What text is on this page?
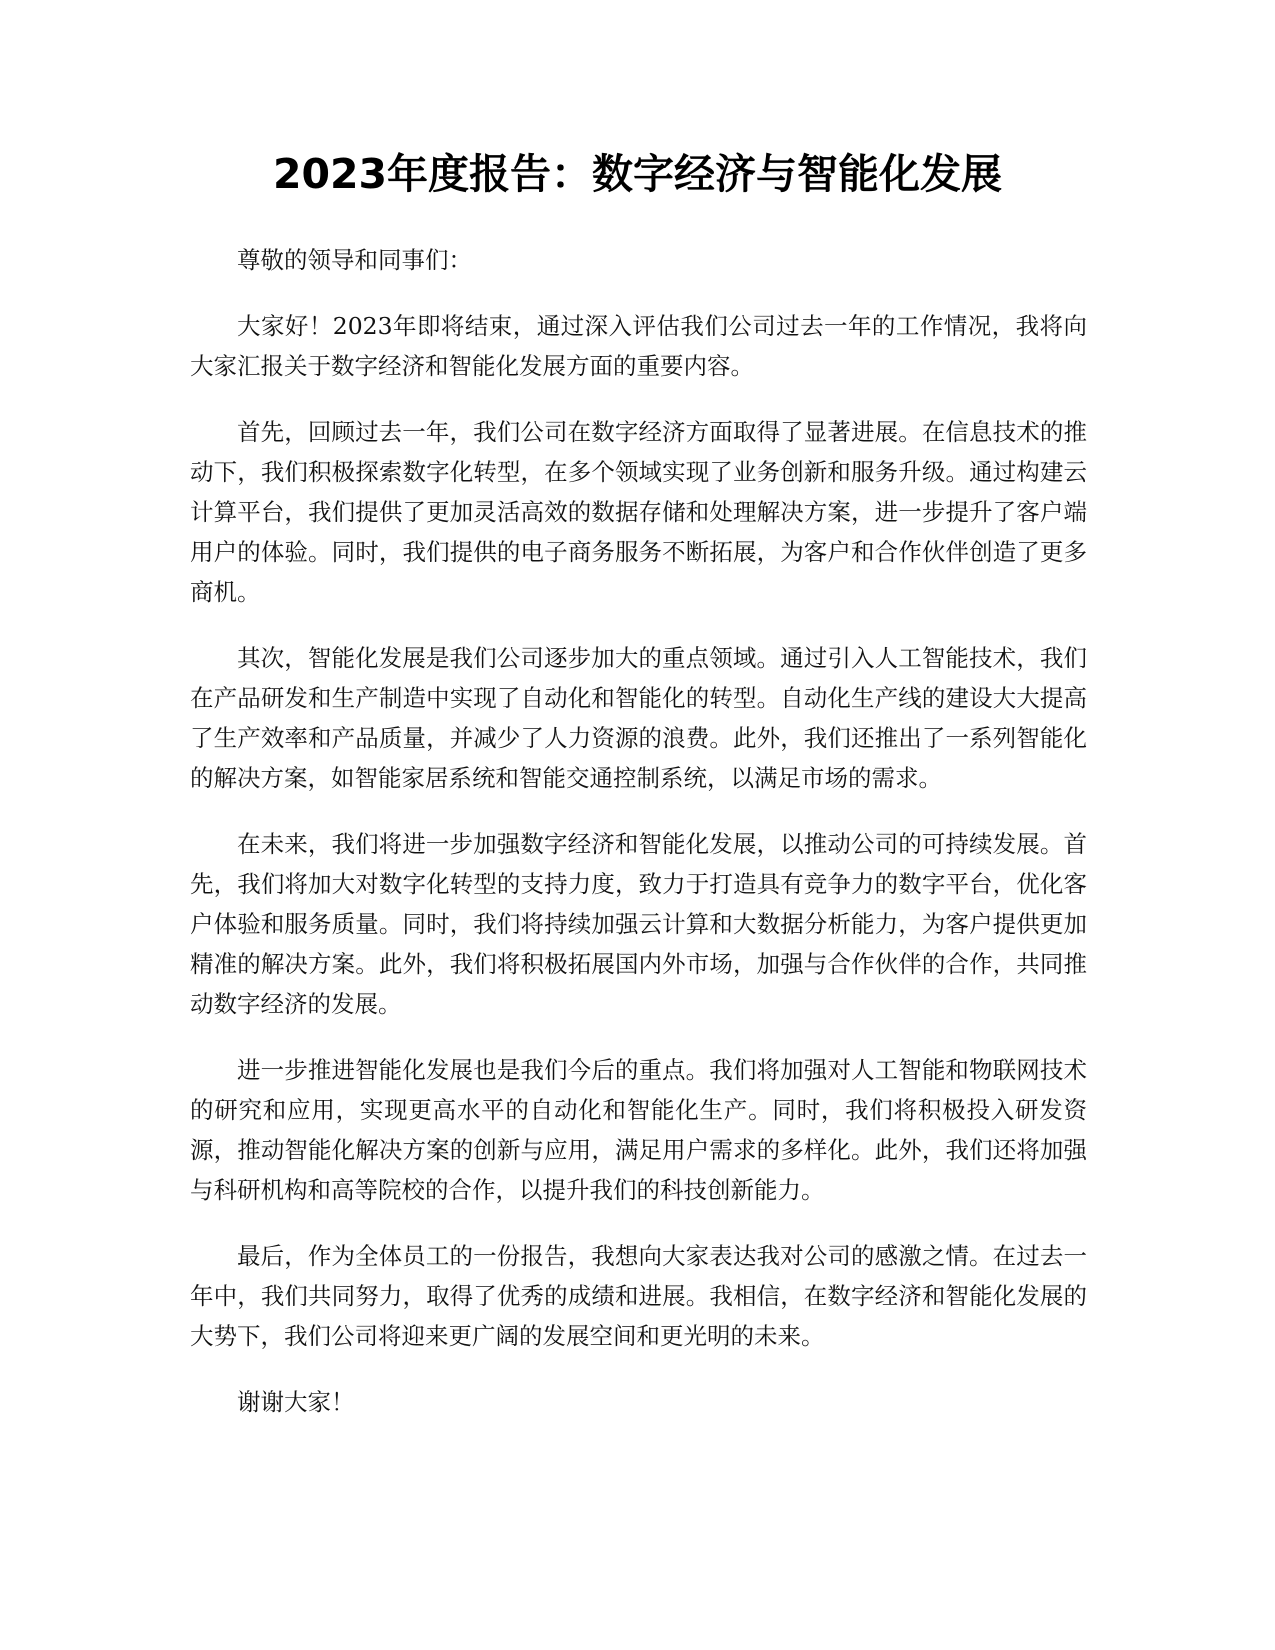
2023年度报告：数字经济与智能化发展

尊敬的领导和同事们：

大家好！2023年即将结束，通过深入评估我们公司过去一年的工作情况，我将向大家汇报关于数字经济和智能化发展方面的重要内容。

首先，回顾过去一年，我们公司在数字经济方面取得了显著进展。在信息技术的推动下，我们积极探索数字化转型，在多个领域实现了业务创新和服务升级。通过构建云计算平台，我们提供了更加灵活高效的数据存储和处理解决方案，进一步提升了客户端用户的体验。同时，我们提供的电子商务服务不断拓展，为客户和合作伙伴创造了更多商机。

其次，智能化发展是我们公司逐步加大的重点领域。通过引入人工智能技术，我们在产品研发和生产制造中实现了自动化和智能化的转型。自动化生产线的建设大大提高了生产效率和产品质量，并减少了人力资源的浪费。此外，我们还推出了一系列智能化的解决方案，如智能家居系统和智能交通控制系统，以满足市场的需求。

在未来，我们将进一步加强数字经济和智能化发展，以推动公司的可持续发展。首先，我们将加大对数字化转型的支持力度，致力于打造具有竞争力的数字平台，优化客户体验和服务质量。同时，我们将持续加强云计算和大数据分析能力，为客户提供更加精准的解决方案。此外，我们将积极拓展国内外市场，加强与合作伙伴的合作，共同推动数字经济的发展。

进一步推进智能化发展也是我们今后的重点。我们将加强对人工智能和物联网技术的研究和应用，实现更高水平的自动化和智能化生产。同时，我们将积极投入研发资源，推动智能化解决方案的创新与应用，满足用户需求的多样化。此外，我们还将加强与科研机构和高等院校的合作，以提升我们的科技创新能力。

最后，作为全体员工的一份报告，我想向大家表达我对公司的感激之情。在过去一年中，我们共同努力，取得了优秀的成绩和进展。我相信，在数字经济和智能化发展的大势下，我们公司将迎来更广阔的发展空间和更光明的未来。

谢谢大家！
